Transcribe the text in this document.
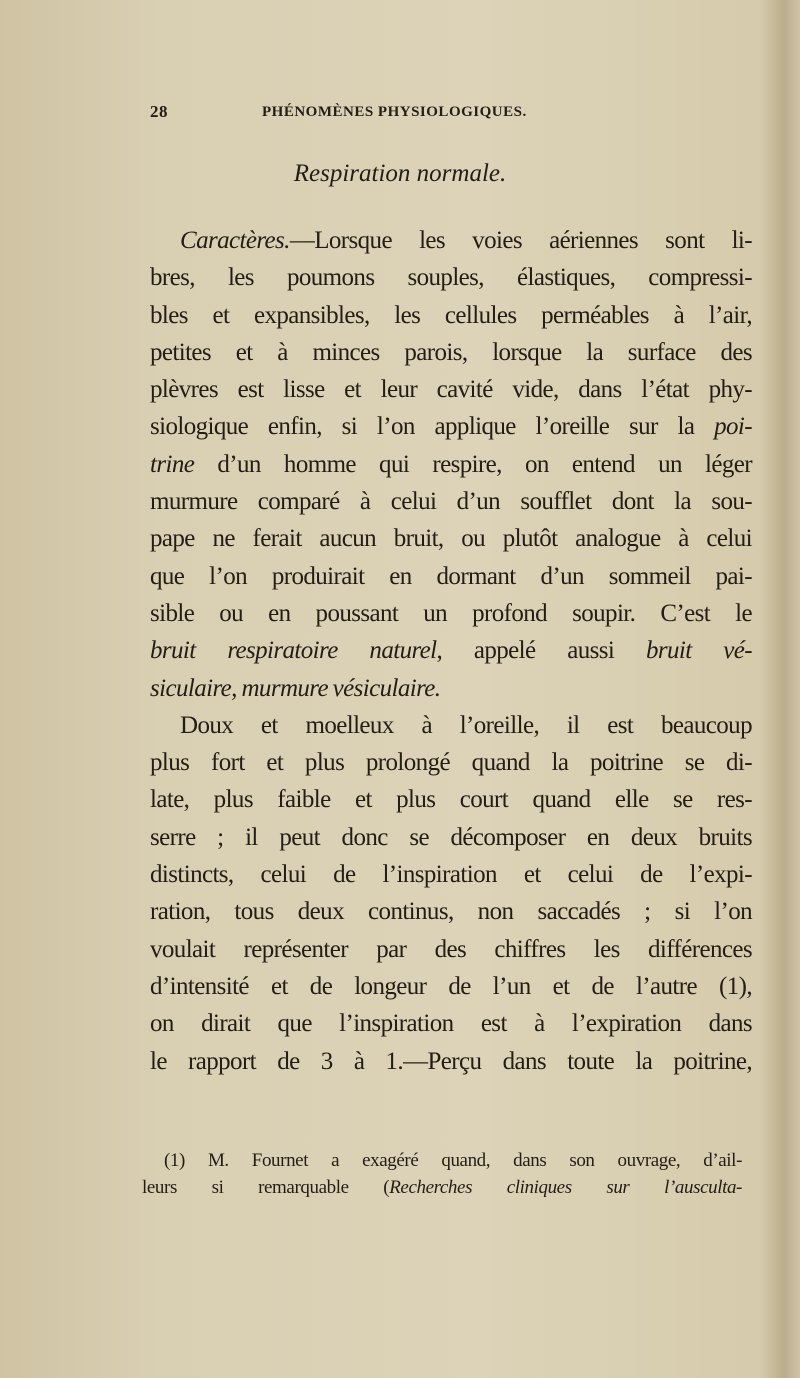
28	PHÉNOMÈNES PHYSIOLOGIQUES.
Respiration normale.
Caractères.—Lorsque les voies aériennes sont li-
bres, les poumons souples, élastiques, compressi-
bles et expansibles, les cellules perméables à l’air,
petites et à minces parois, lorsque la surface des
plèvres est lisse et leur cavité vide, dans l’état phy-
siologique enfin, si l’on applique l’oreille sur la poi-
trine d’un homme qui respire, on entend un léger
murmure comparé à celui d’un soufflet dont la sou-
pape ne ferait aucun bruit, ou plutôt analogue à celui
que l’on produirait en dormant d’un sommeil pai-
sible ou en poussant un profond soupir. C’est le
bruit respiratoire naturel, appelé aussi bruit vé-
siculaire, murmure vésiculaire.
Doux et moelleux à l’oreille, il est beaucoup
plus fort et plus prolongé quand la poitrine se di-
late, plus faible et plus court quand elle se res-
serre ; il peut donc se décomposer en deux bruits
distincts, celui de l’inspiration et celui de l’expi-
ration, tous deux continus, non saccadés ; si l’on
voulait représenter par des chiffres les différences
d’intensité et de longeur de l’un et de l’autre (1),
on dirait que l’inspiration est à l’expiration dans
le rapport de 3 à 1.—Perçu dans toute la poitrine,
(1) M. Fournet a exagéré quand, dans son ouvrage, d’ail-
leurs si remarquable (Recherches cliniques sur l’ausculta-
